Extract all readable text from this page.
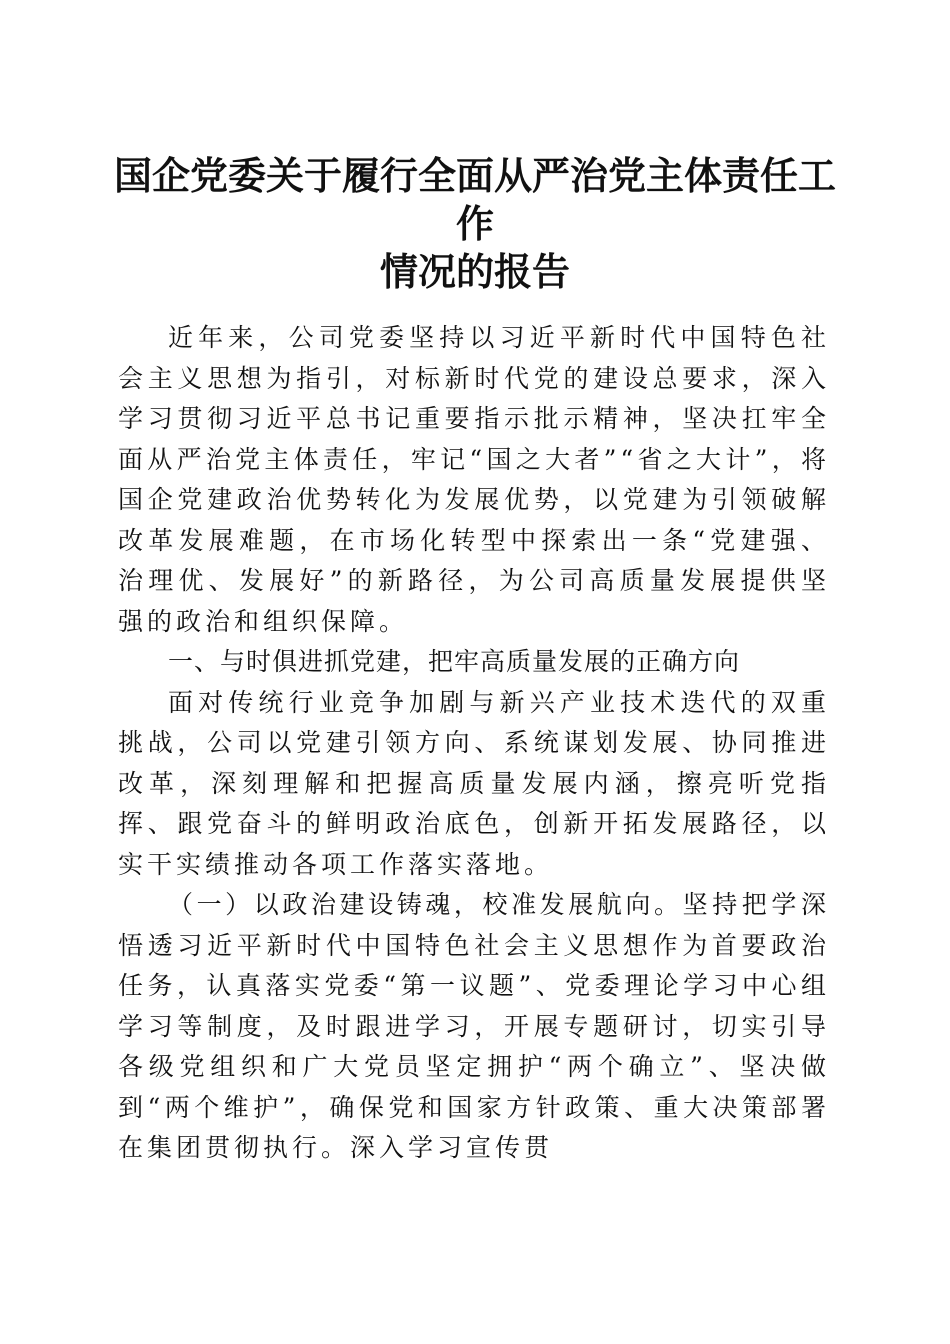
国企党委关于履行全面从严治党主体责任工作
情况的报告

近年来，公司党委坚持以习近平新时代中国特色社会主义思想为指引，对标新时代党的建设总要求，深入学习贯彻习近平总书记重要指示批示精神，坚决扛牢全面从严治党主体责任，牢记“国之大者”“省之大计”，将国企党建政治优势转化为发展优势，以党建为引领破解改革发展难题，在市场化转型中探索出一条“党建强、治理优、发展好”的新路径，为公司高质量发展提供坚强的政治和组织保障。

一、与时俱进抓党建，把牢高质量发展的正确方向

面对传统行业竞争加剧与新兴产业技术迭代的双重挑战，公司以党建引领方向、系统谋划发展、协同推进改革，深刻理解和把握高质量发展内涵，擦亮听党指挥、跟党奋斗的鲜明政治底色，创新开拓发展路径，以实干实绩推动各项工作落实落地。

（一）以政治建设铸魂，校准发展航向。坚持把学深悟透习近平新时代中国特色社会主义思想作为首要政治任务，认真落实党委“第一议题”、党委理论学习中心组学习等制度，及时跟进学习，开展专题研讨，切实引导各级党组织和广大党员坚定拥护“两个确立”、坚决做到“两个维护”，确保党和国家方针政策、重大决策部署在集团贯彻执行。深入学习宣传贯
